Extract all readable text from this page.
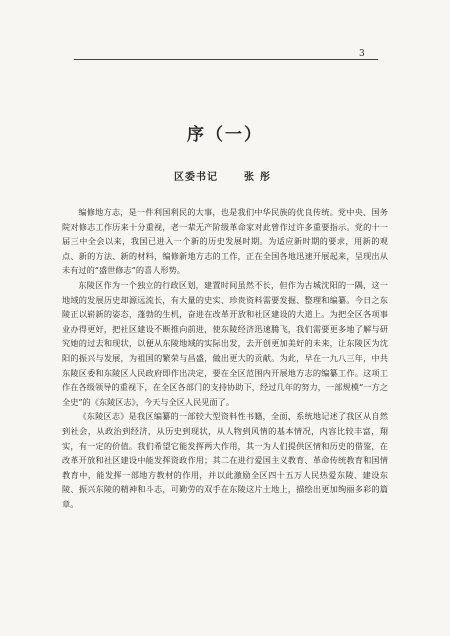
3
序（一）
区委书记	张彤

编修地方志，是一件利国利民的大事，也是我们中华民族的优良传统。党中央、国务院对修志工作历来十分重视，老一辈无产阶级革命家对此曾作过许多重要指示。党的十一届三中全会以来，我国已进入一个新的历史发展时期。为适应新时期的要求，用新的观点、新的方法、新的材料，编修新地方志的工作，正在全国各地迅速开展起来，呈现出从未有过的“盛世修志”的喜人形势。

东陵区作为一个独立的行政区划，建置时间虽然不长，但作为古城沈阳的一隅，这一地域的发展历史却源远流长，有大量的史实、珍贵资料需要发掘、整理和编纂。今日之东陵正以崭新的姿态，蓬勃的生机，奋进在改革开放和社区建设的大道上。为把全区各项事业办得更好，把社区建设不断推向前进，使东陵经济迅速腾飞，我们需要更多地了解与研究她的过去和现状，以便从东陵地域的实际出发，去开创更加美好的未来，让东陵区为沈阳的振兴与发展，为祖国的繁荣与昌盛，做出更大的贡献。为此，早在一九八三年，中共东陵区委和东陵区人民政府即作出决定，要在全区范围内开展地方志的编纂工作。这项工作在各级领导的重视下，在全区各部门的支持协助下，经过几年的努力，一部规模“一方之全史”的《东陵区志》，今天与全区人民见面了。

《东陵区志》是我区编纂的一部较大型资料性书籍，全面、系统地记述了我区从自然到社会，从政治到经济，从历史到现状，从人物到风情的基本情况，内容比较丰富，翔实，有一定的价值。我们希望它能发挥两大作用，其一为人们提供区情和历史的借鉴，在改革开放和社区建设中能发挥资政作用；其二在进行爱国主义教育、革命传统教育和国情教育中，能发挥一部地方教材的作用，并以此激励全区四十五万人民热爱东陵、建设东陵、振兴东陵的精神和斗志，可勤劳的双手在东陵这片土地上，描绘出更加绚丽多彩的篇章。
